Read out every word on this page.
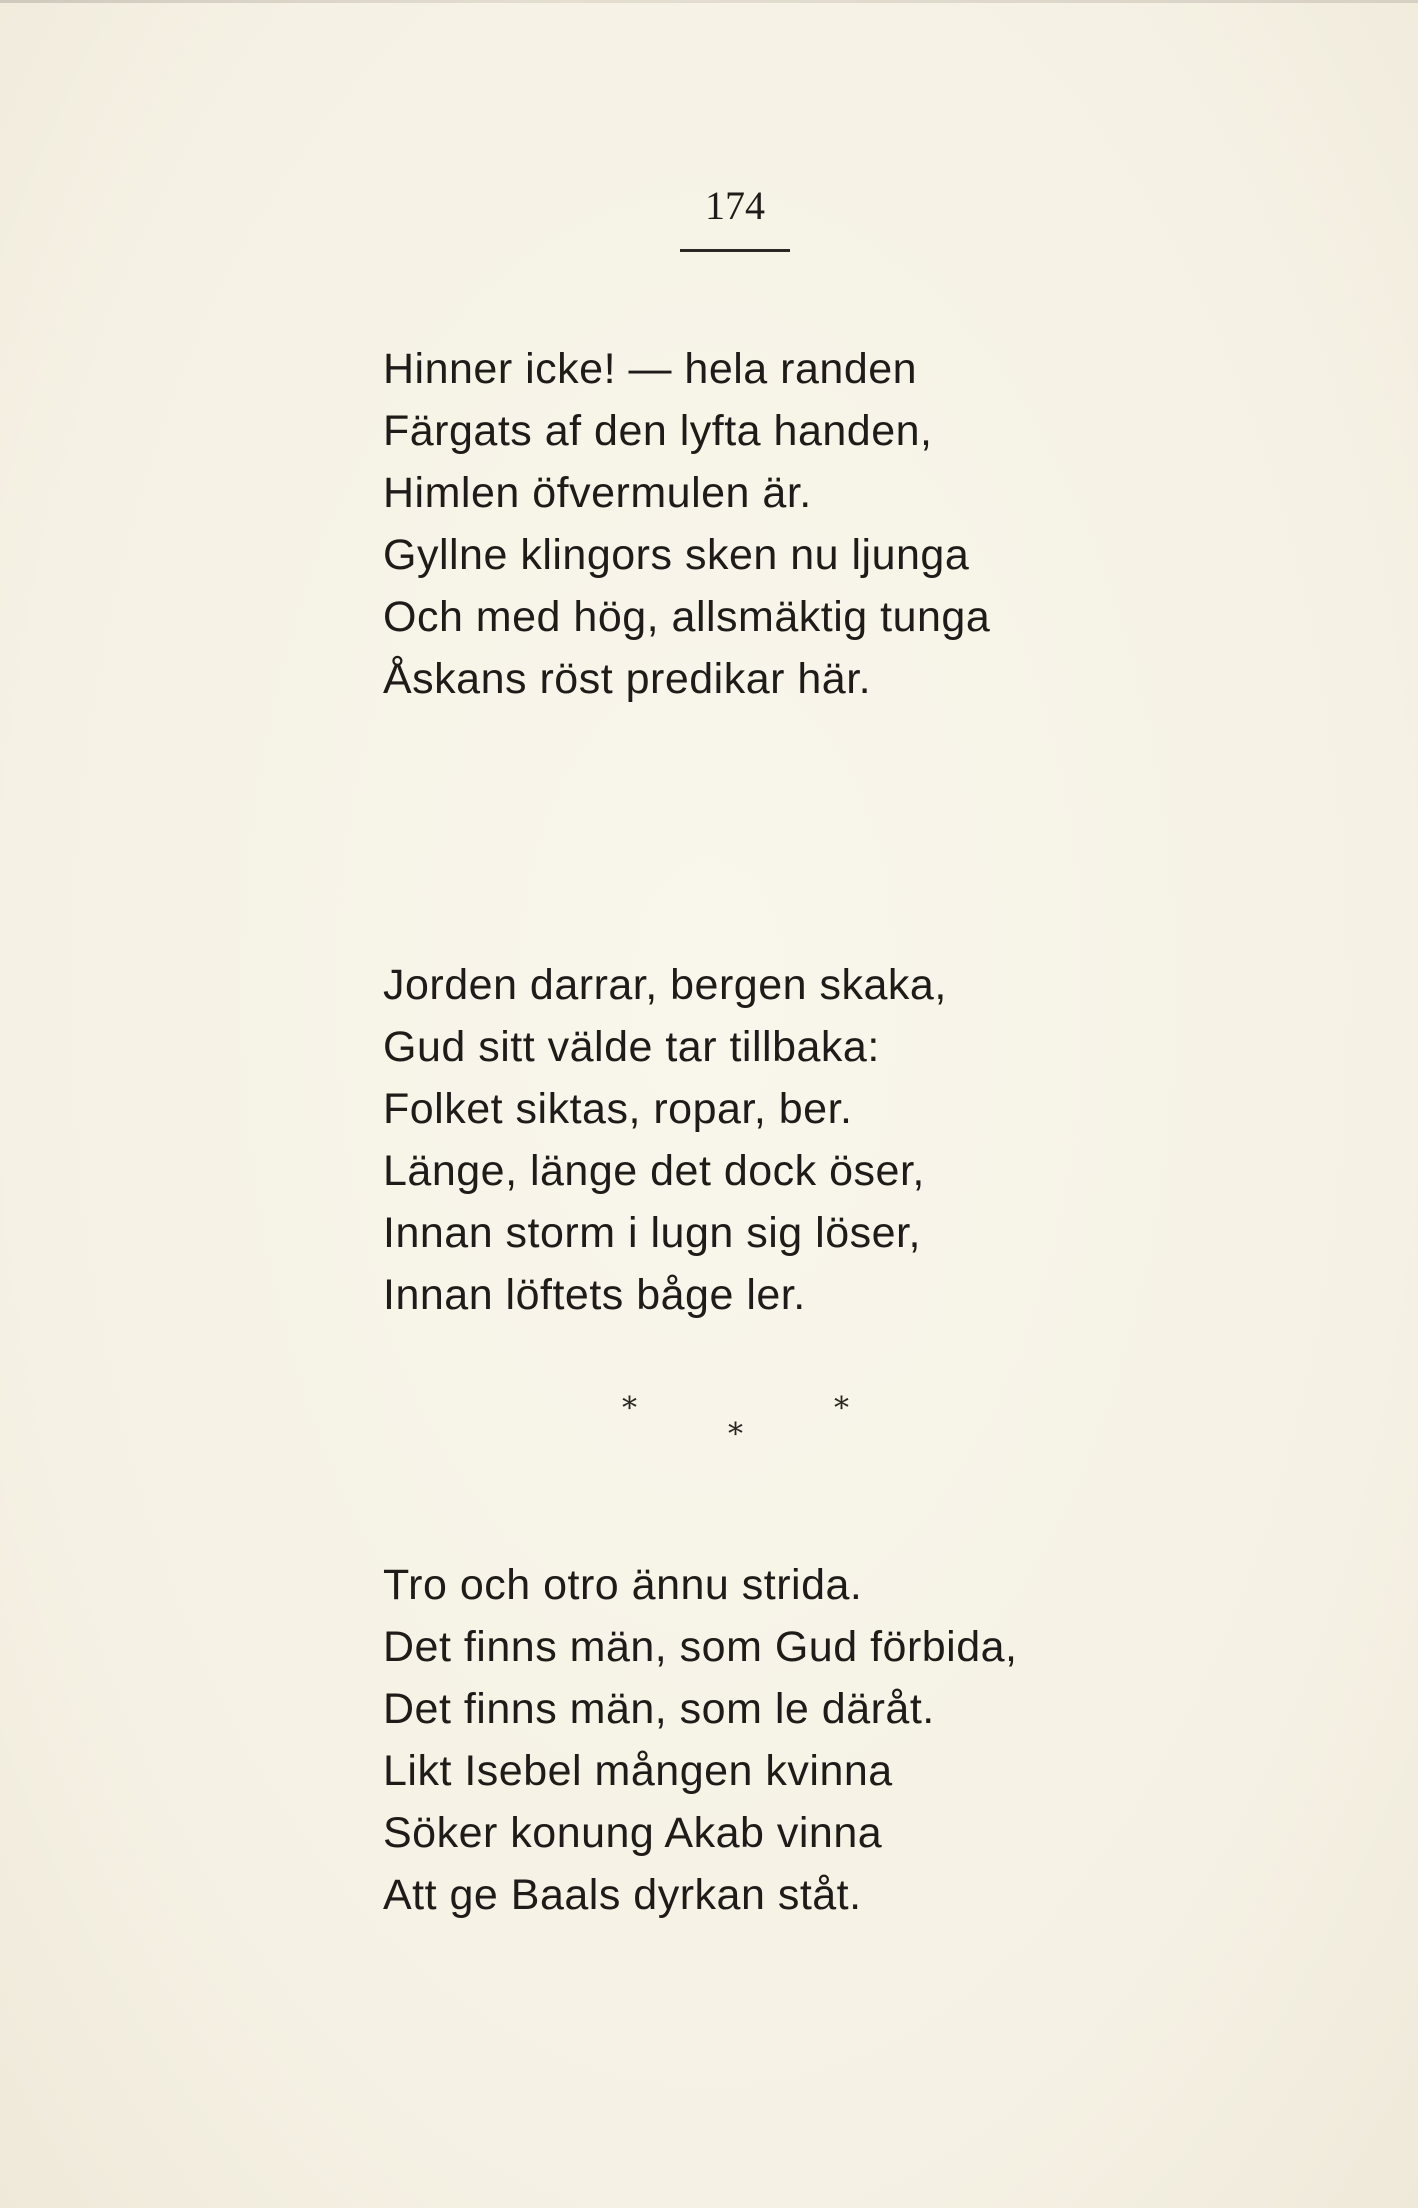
174
Hinner icke! — hela randen
Färgats af den lyfta handen,
Himlen öfvermulen är.
Gyllne klingors sken nu ljunga
Och med hög, allsmäktig tunga
Åskans röst predikar här.
Jorden darrar, bergen skaka,
Gud sitt välde tar tillbaka:
Folket siktas, ropar, ber.
Länge, länge det dock öser,
Innan storm i lugn sig löser,
Innan löftets båge ler.
*	*
*
Tro och otro ännu strida.
Det finns män, som Gud förbida,
Det finns män, som le däråt.
Likt Isebel mången kvinna
Söker konung Akab vinna
Att ge Baals dyrkan ståt.
